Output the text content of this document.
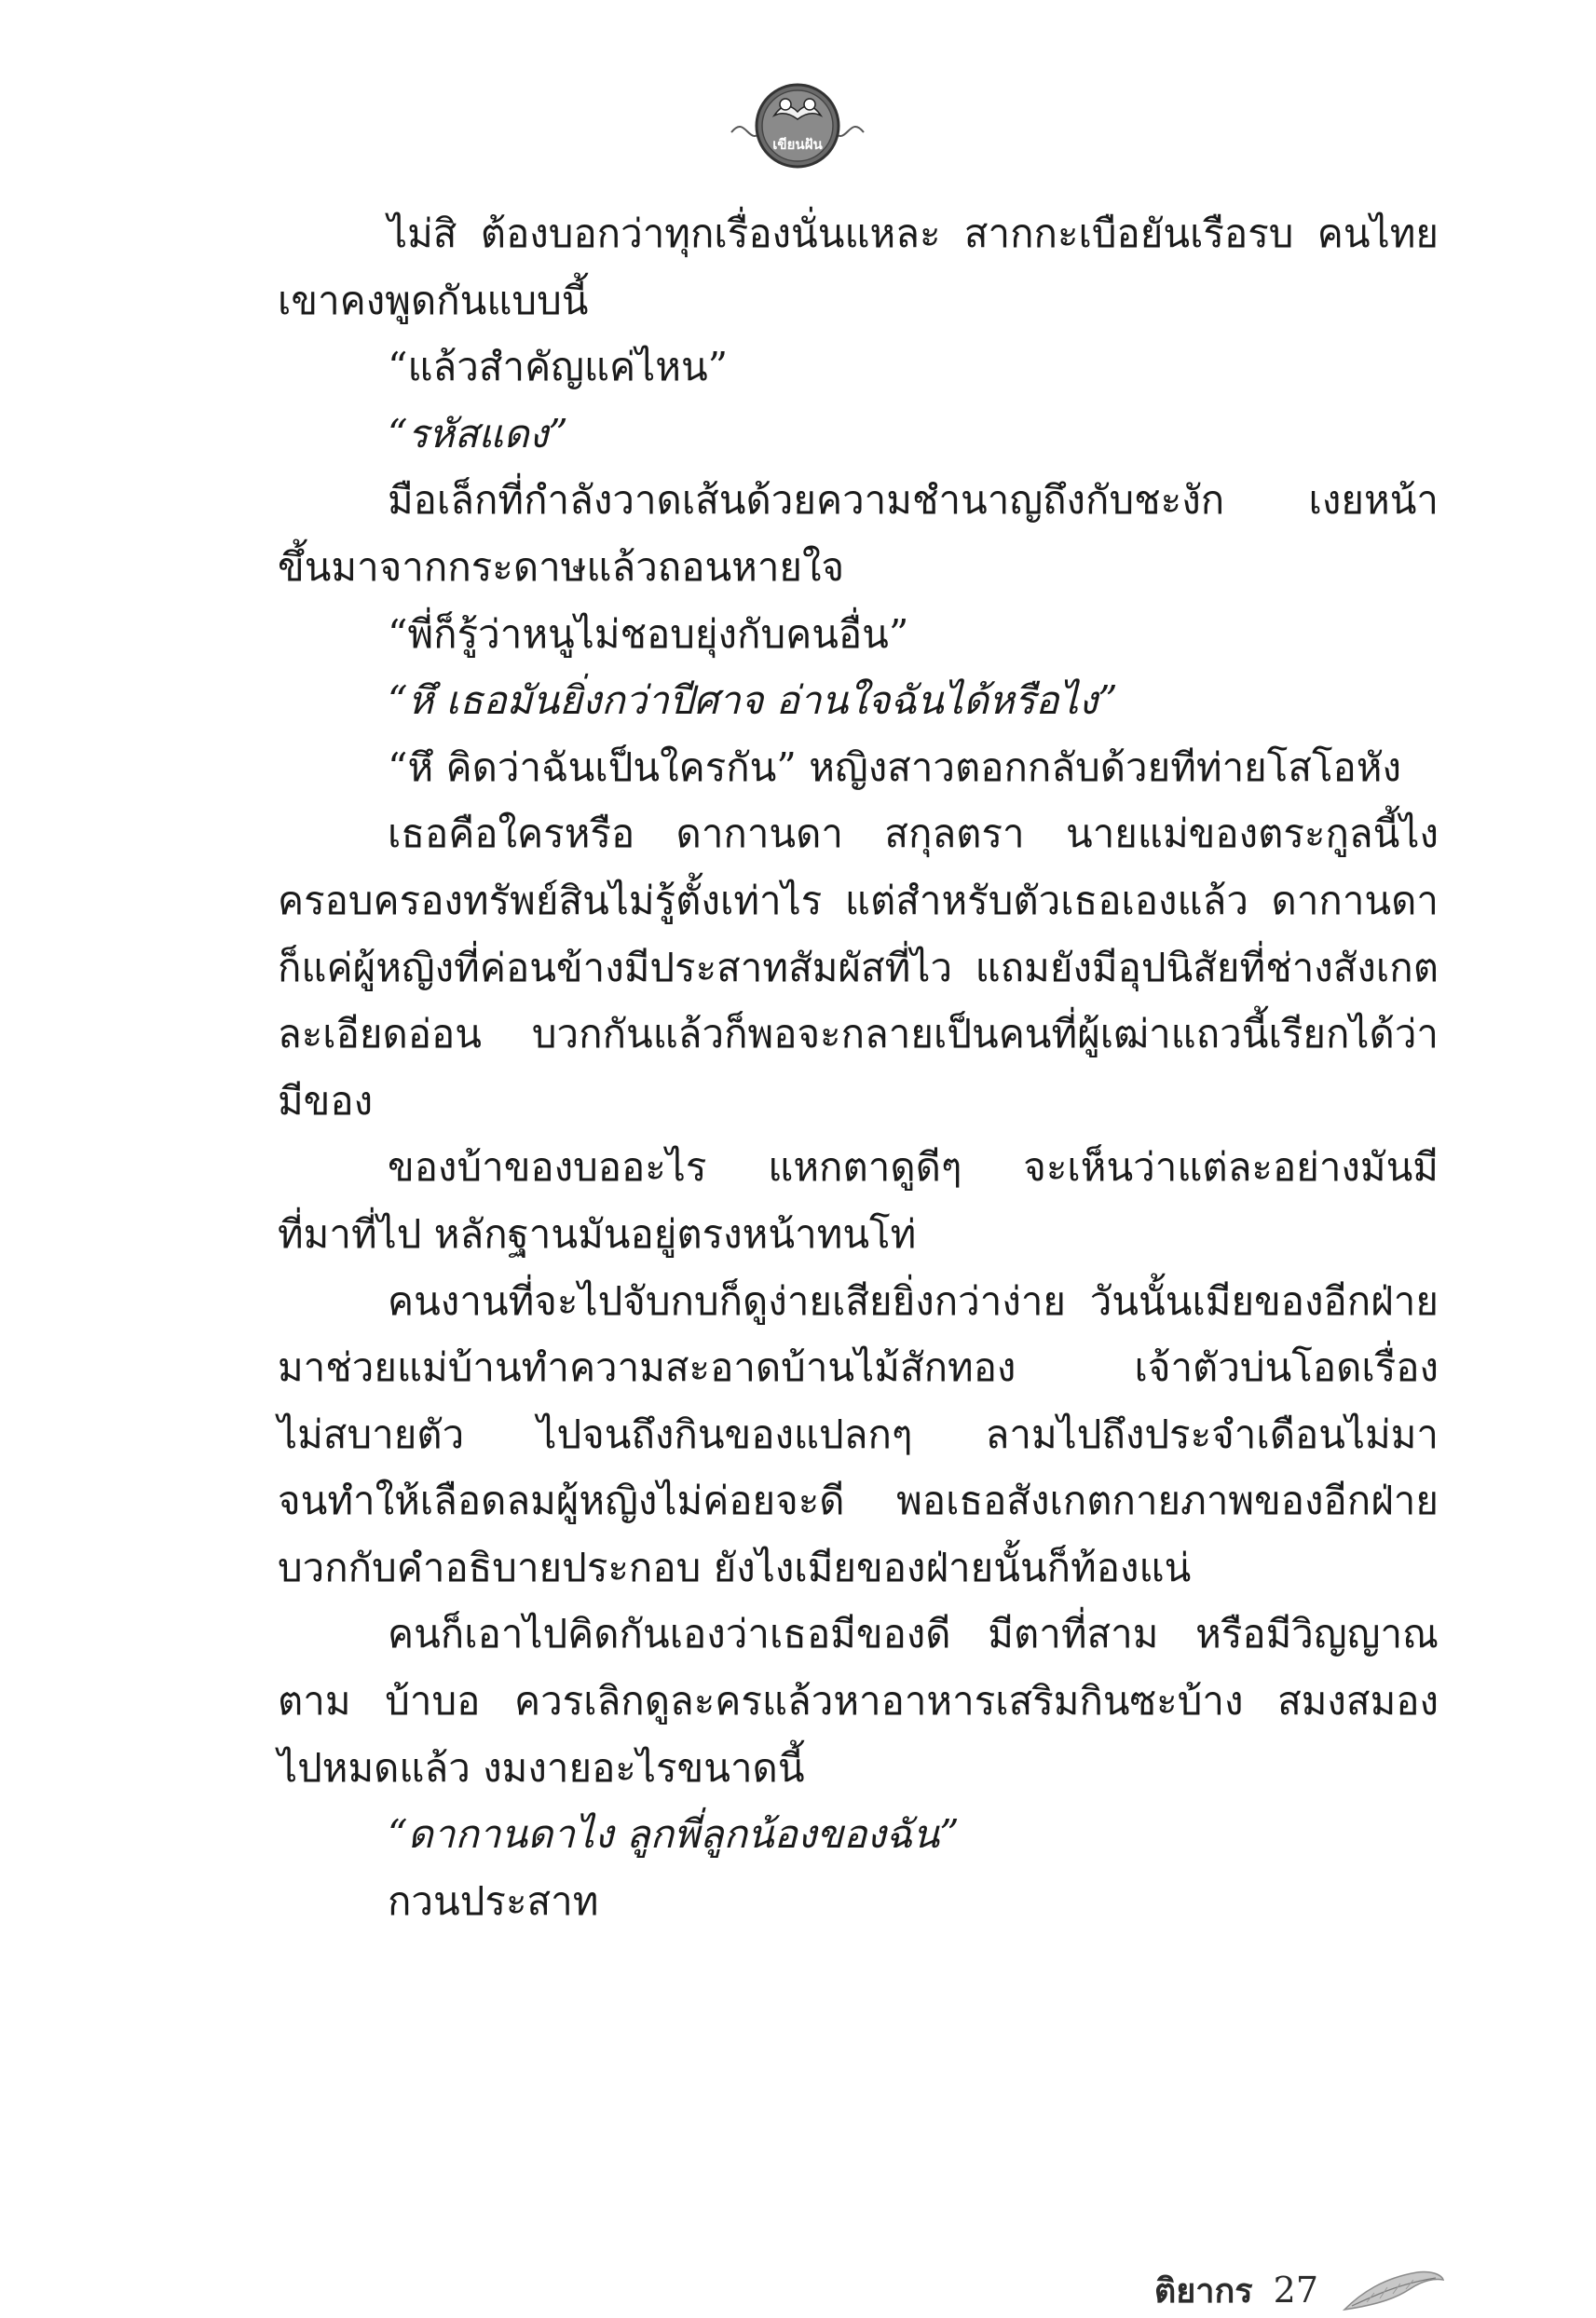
เขียนฝัน
ไม่สิ ต้องบอกว่าทุกเรื่องนั่นแหละ สากกะเบือยันเรือรบ คนไทย
เขาคงพูดกันแบบนี้
“แล้วสำคัญแค่ไหน”
“รหัสแดง”
มือเล็กที่กำลังวาดเส้นด้วยความชำนาญถึงกับชะงัก เงยหน้า
ขึ้นมาจากกระดาษแล้วถอนหายใจ
“พี่ก็รู้ว่าหนูไม่ชอบยุ่งกับคนอื่น”
“หึ เธอมันยิ่งกว่าปีศาจ อ่านใจฉันได้หรือไง”
“หึ คิดว่าฉันเป็นใครกัน” หญิงสาวตอกกลับด้วยทีท่ายโสโอหัง
เธอคือใครหรือ ดากานดา สกุลตรา นายแม่ของตระกูลนี้ไง
ครอบครองทรัพย์สินไม่รู้ตั้งเท่าไร แต่สำหรับตัวเธอเองแล้ว ดากานดา
ก็แค่ผู้หญิงที่ค่อนข้างมีประสาทสัมผัสที่ไว แถมยังมีอุปนิสัยที่ช่างสังเกต
ละเอียดอ่อน บวกกันแล้วก็พอจะกลายเป็นคนที่ผู้เฒ่าแถวนี้เรียกได้ว่า
มีของ
ของบ้าของบออะไร แหกตาดูดีๆ จะเห็นว่าแต่ละอย่างมันมี
ที่มาที่ไป หลักฐานมันอยู่ตรงหน้าทนโท่
คนงานที่จะไปจับกบก็ดูง่ายเสียยิ่งกว่าง่าย วันนั้นเมียของอีกฝ่าย
มาช่วยแม่บ้านทำความสะอาดบ้านไม้สักทอง เจ้าตัวบ่นโอดเรื่อง
ไม่สบายตัว ไปจนถึงกินของแปลกๆ ลามไปถึงประจำเดือนไม่มา
จนทำให้เลือดลมผู้หญิงไม่ค่อยจะดี พอเธอสังเกตกายภาพของอีกฝ่าย
บวกกับคำอธิบายประกอบ ยังไงเมียของฝ่ายนั้นก็ท้องแน่
คนก็เอาไปคิดกันเองว่าเธอมีของดี มีตาที่สาม หรือมีวิญญาณ
ตาม บ้าบอ ควรเลิกดูละครแล้วหาอาหารเสริมกินซะบ้าง สมงสมอง
ไปหมดแล้ว งมงายอะไรขนาดนี้
“ดากานดาไง ลูกพี่ลูกน้องของฉัน”
กวนประสาท
ติยากร 27
